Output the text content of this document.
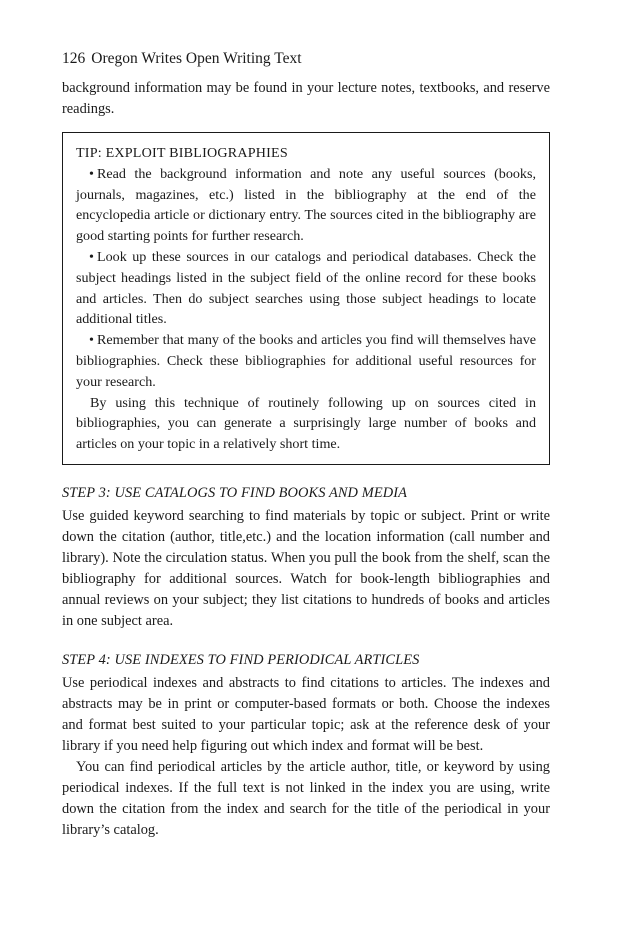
126 Oregon Writes Open Writing Text

background information may be found in your lecture notes, textbooks, and reserve readings.

TIP: EXPLOIT BIBLIOGRAPHIES

• Read the background information and note any useful sources (books, journals, magazines, etc.) listed in the bibliography at the end of the encyclopedia article or dictionary entry. The sources cited in the bibliography are good starting points for further research.

• Look up these sources in our catalogs and periodical databases. Check the subject headings listed in the subject field of the online record for these books and articles. Then do subject searches using those subject headings to locate additional titles.

• Remember that many of the books and articles you find will themselves have bibliographies. Check these bibliographies for additional useful resources for your research.

By using this technique of routinely following up on sources cited in bibliographies, you can generate a surprisingly large number of books and articles on your topic in a relatively short time.

STEP 3: USE CATALOGS TO FIND BOOKS AND MEDIA

Use guided keyword searching to find materials by topic or subject. Print or write down the citation (author, title,etc.) and the location information (call number and library). Note the circulation status. When you pull the book from the shelf, scan the bibliography for additional sources. Watch for book-length bibliographies and annual reviews on your subject; they list citations to hundreds of books and articles in one subject area.

STEP 4: USE INDEXES TO FIND PERIODICAL ARTICLES

Use periodical indexes and abstracts to find citations to articles. The indexes and abstracts may be in print or computer-based formats or both. Choose the indexes and format best suited to your particular topic; ask at the reference desk of your library if you need help figuring out which index and format will be best.

You can find periodical articles by the article author, title, or keyword by using periodical indexes. If the full text is not linked in the index you are using, write down the citation from the index and search for the title of the periodical in your library’s catalog.
